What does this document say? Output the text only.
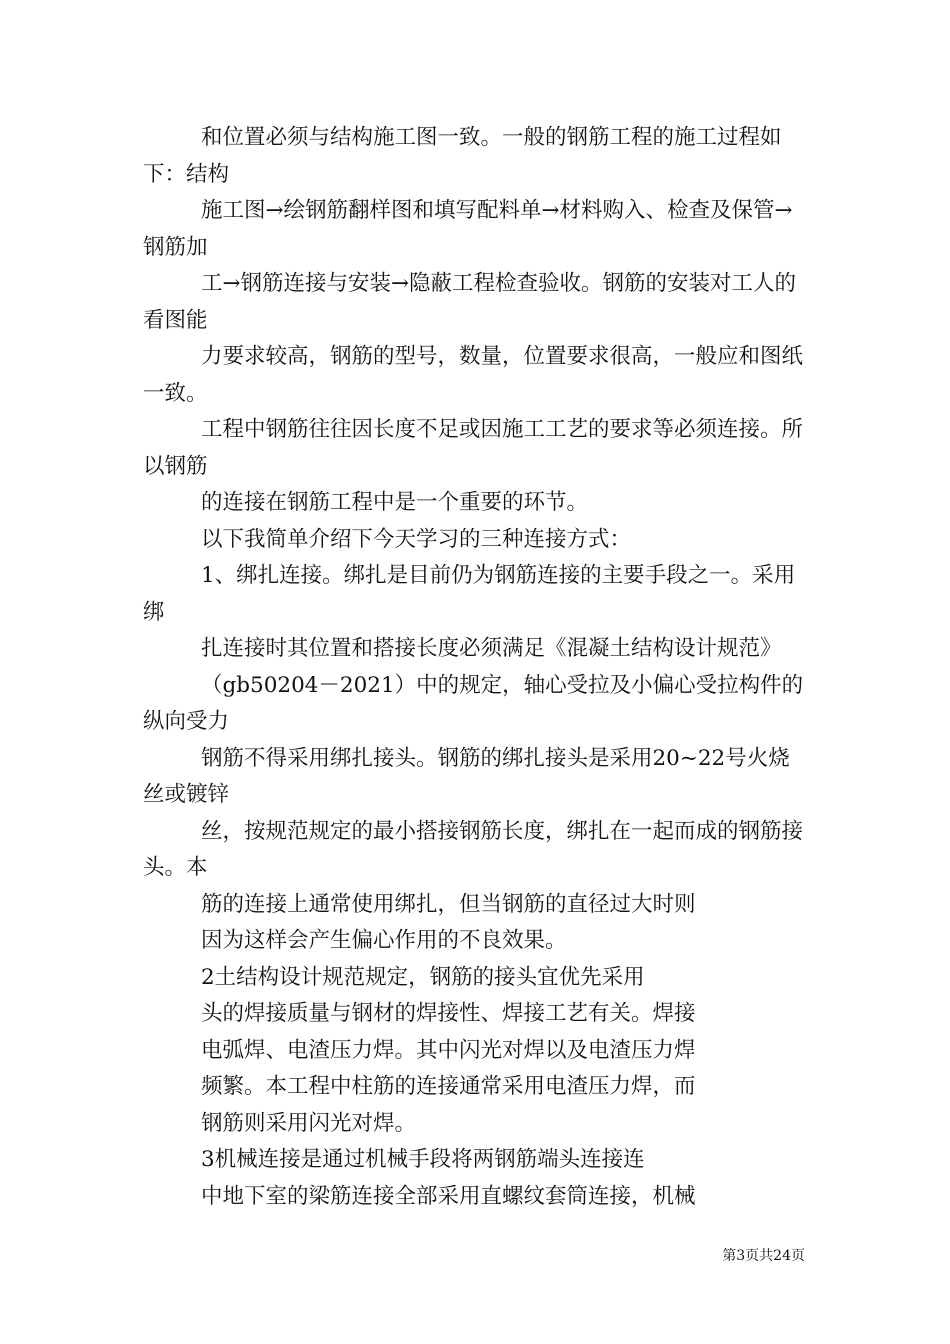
和位置必须与结构施工图一致。一般的钢筋工程的施工过程如下：结构

施工图→绘钢筋翻样图和填写配料单→材料购入、检查及保管→钢筋加

工→钢筋连接与安装→隐蔽工程检查验收。钢筋的安装对工人的看图能

力要求较高，钢筋的型号，数量，位置要求很高，一般应和图纸一致。

工程中钢筋往往因长度不足或因施工工艺的要求等必须连接。所以钢筋

的连接在钢筋工程中是一个重要的环节。

以下我简单介绍下今天学习的三种连接方式：

1、绑扎连接。绑扎是目前仍为钢筋连接的主要手段之一。采用绑

扎连接时其位置和搭接长度必须满足《混凝土结构设计规范》

（gb50204－2021）中的规定，轴心受拉及小偏心受拉构件的纵向受力

钢筋不得采用绑扎接头。钢筋的绑扎接头是采用20~22号火烧丝或镀锌

丝，按规范规定的最小搭接钢筋长度，绑扎在一起而成的钢筋接头。本

筋的连接上通常使用绑扎，但当钢筋的直径过大时则

因为这样会产生偏心作用的不良效果。

2土结构设计规范规定，钢筋的接头宜优先采用

头的焊接质量与钢材的焊接性、焊接工艺有关。焊接

电弧焊、电渣压力焊。其中闪光对焊以及电渣压力焊

频繁。本工程中柱筋的连接通常采用电渣压力焊，而

钢筋则采用闪光对焊。

3机械连接是通过机械手段将两钢筋端头连接连

中地下室的梁筋连接全部采用直螺纹套筒连接，机械

第3页共24页
